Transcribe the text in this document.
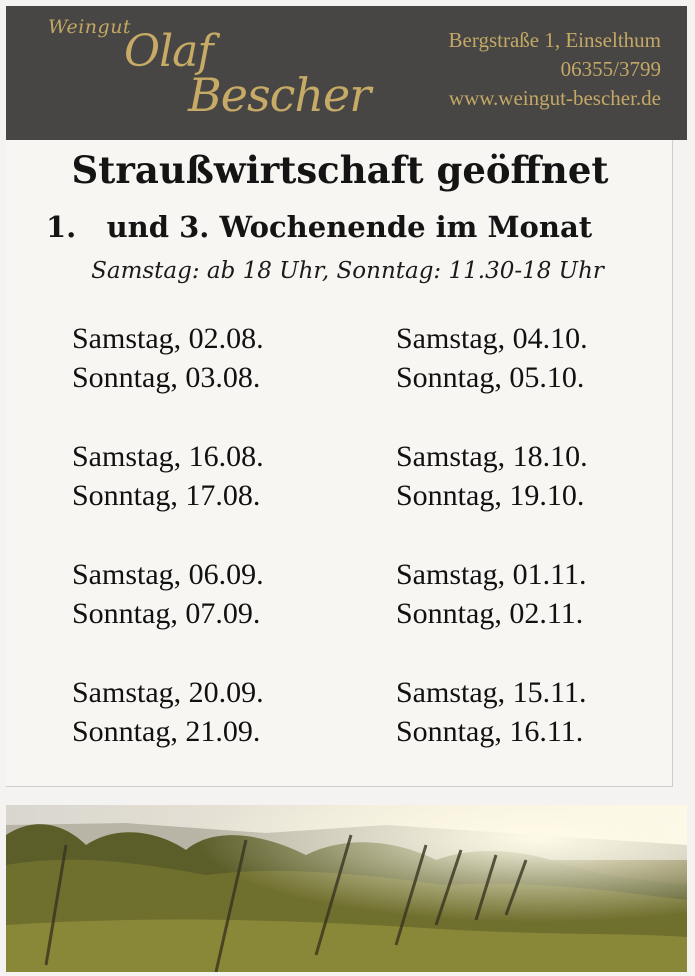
Weingut
Olaf
Bescher
Bergstraße 1, Einselthum
06355/3799
www.weingut-bescher.de
Straußwirtschaft geöffnet
1.   und 3. Wochenende im Monat
Samstag: ab 18 Uhr, Sonntag: 11.30-18 Uhr
Samstag, 02.08.
Sonntag, 03.08.
Samstag, 16.08.
Sonntag, 17.08.
Samstag, 06.09.
Sonntag, 07.09.
Samstag, 20.09.
Sonntag, 21.09.
Samstag, 04.10.
Sonntag, 05.10.
Samstag, 18.10.
Sonntag, 19.10.
Samstag, 01.11.
Sonntag, 02.11.
Samstag, 15.11.
Sonntag, 16.11.
